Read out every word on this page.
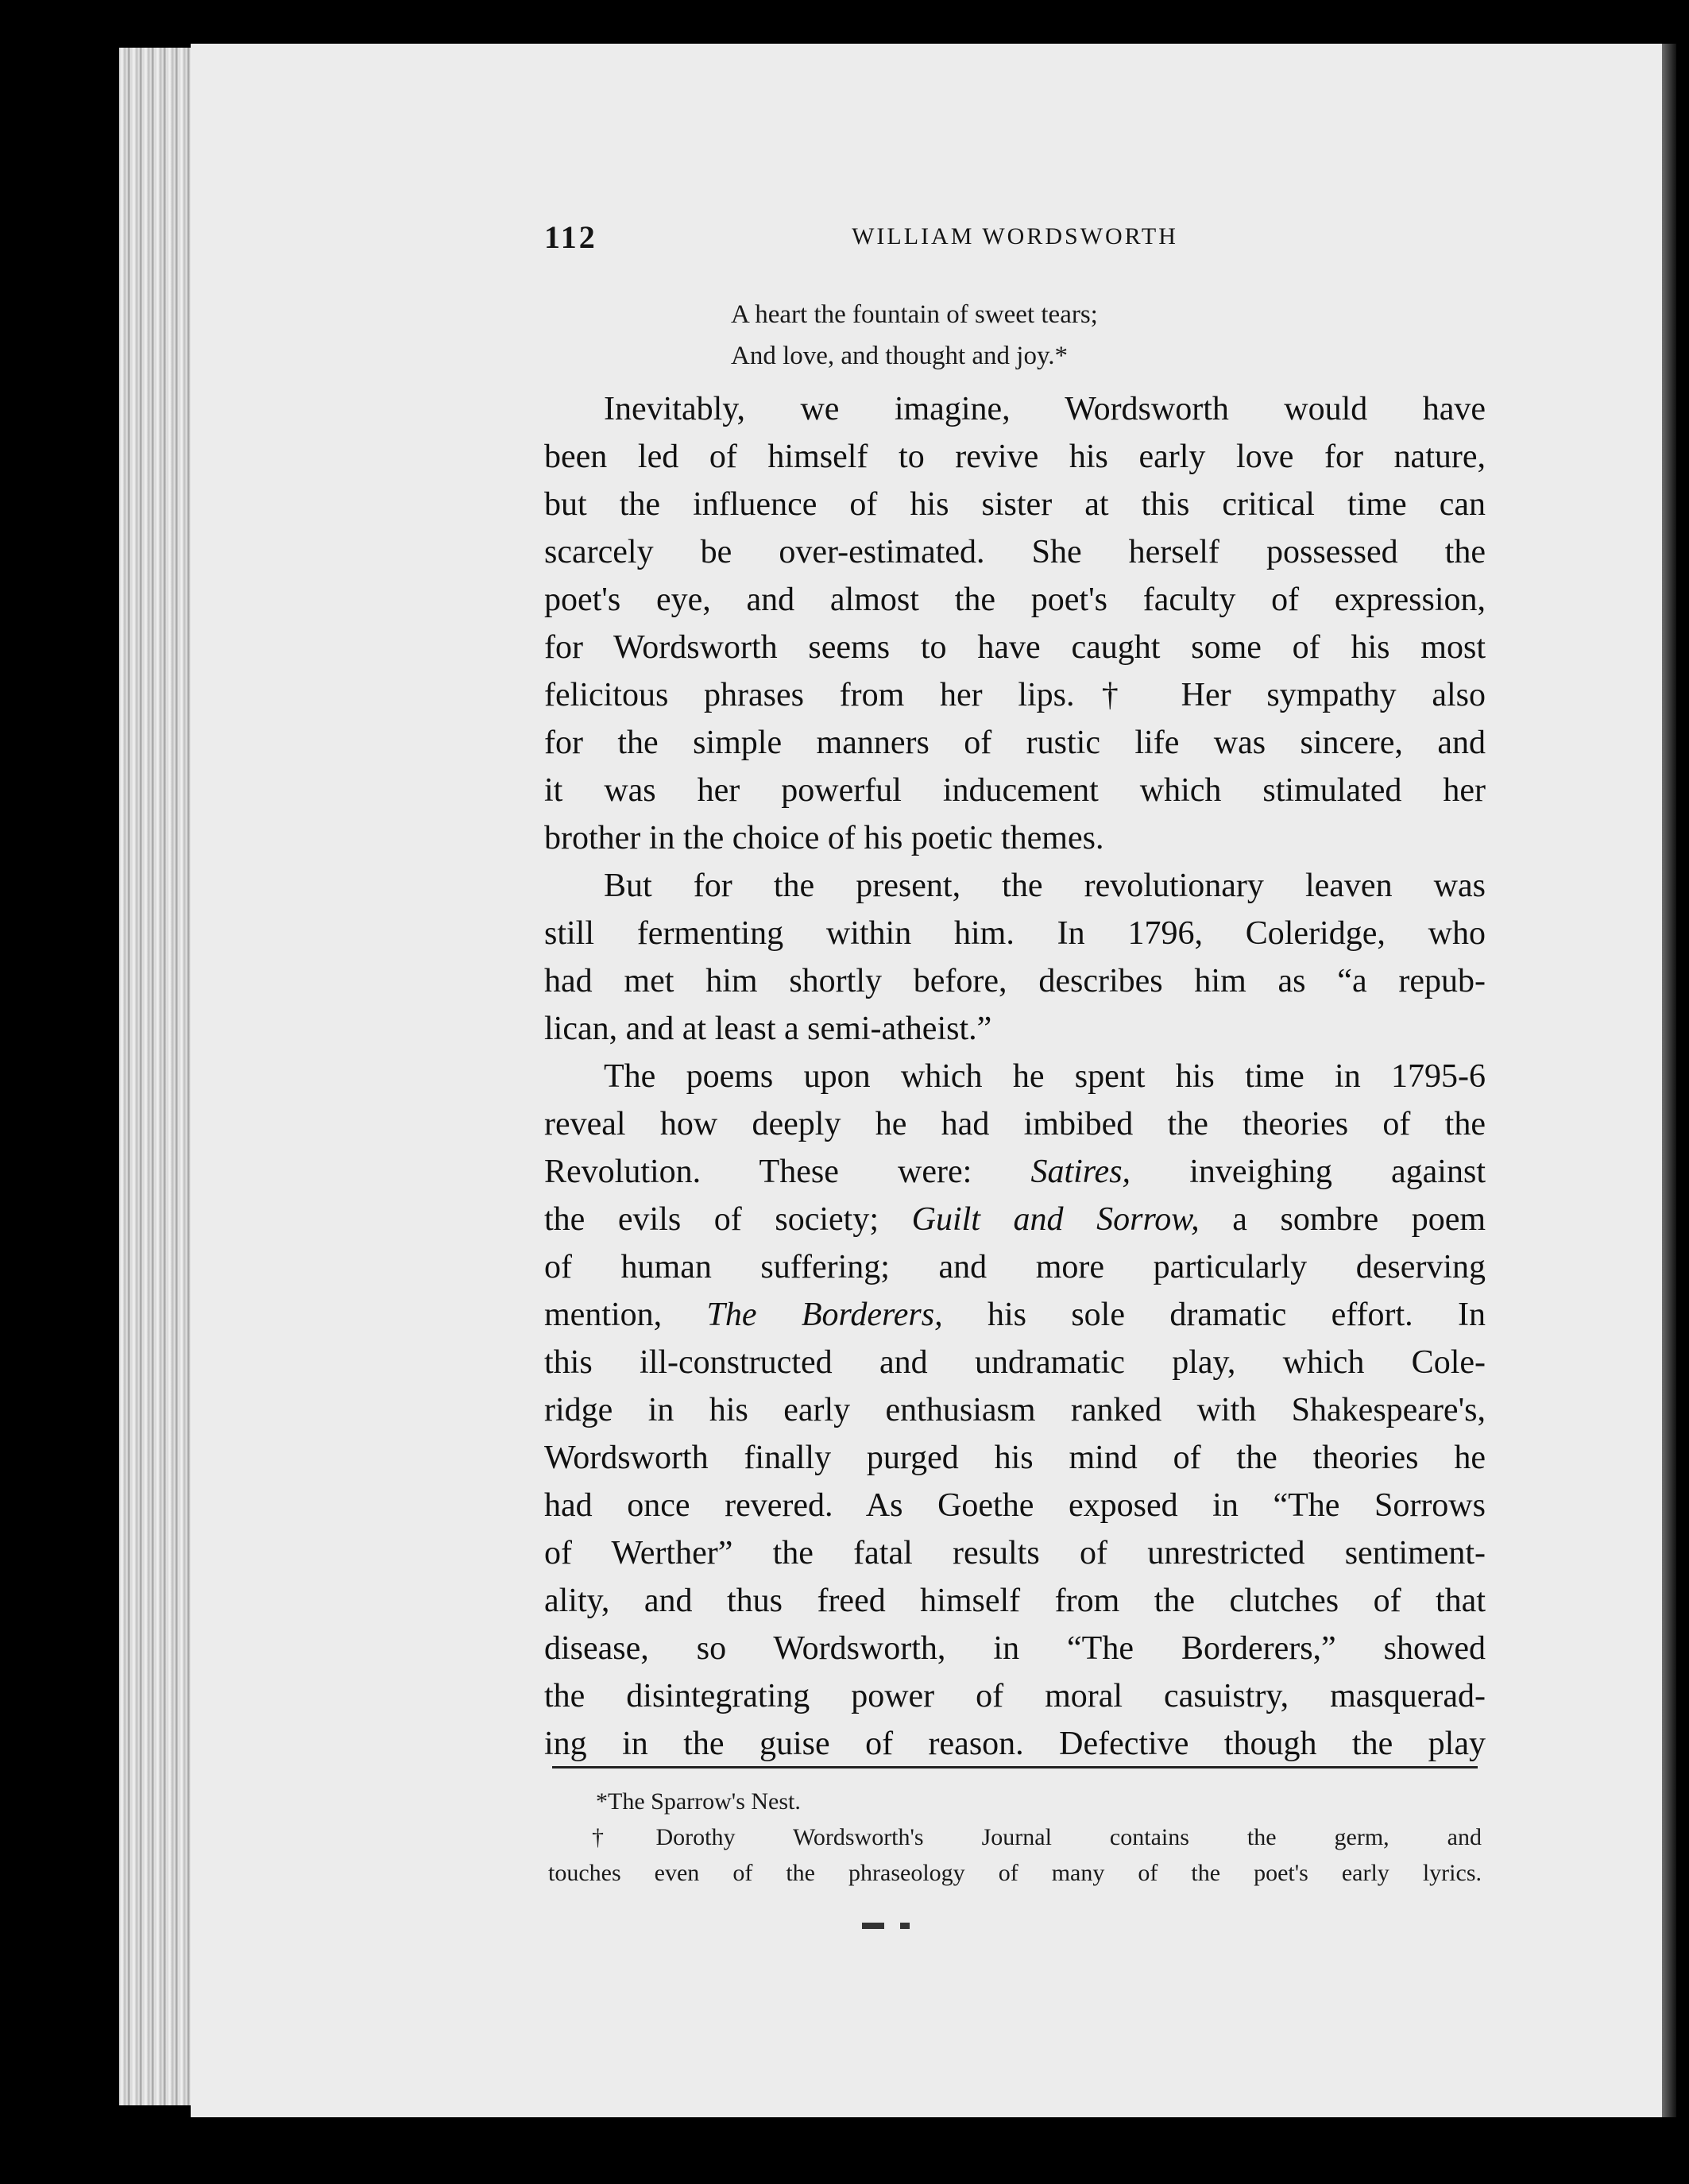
112	WILLIAM WORDSWORTH
A heart the fountain of sweet tears;
And love, and thought and joy.*
Inevitably, we imagine, Wordsworth would have
been led of himself to revive his early love for nature,
but the influence of his sister at this critical time can
scarcely be over-estimated. She herself possessed the
poet's eye, and almost the poet's faculty of expression,
for Wordsworth seems to have caught some of his most
felicitous phrases from her lips.† Her sympathy also
for the simple manners of rustic life was sincere, and
it was her powerful inducement which stimulated her
brother in the choice of his poetic themes.
But for the present, the revolutionary leaven was
still fermenting within him. In 1796, Coleridge, who
had met him shortly before, describes him as “a repub-
lican, and at least a semi-atheist.”
The poems upon which he spent his time in 1795-6
reveal how deeply he had imbibed the theories of the
Revolution. These were: Satires, inveighing against
the evils of society; Guilt and Sorrow, a sombre poem
of human suffering; and more particularly deserving
mention, The Borderers, his sole dramatic effort. In
this ill-constructed and undramatic play, which Cole-
ridge in his early enthusiasm ranked with Shakespeare's,
Wordsworth finally purged his mind of the theories he
had once revered. As Goethe exposed in “The Sorrows
of Werther” the fatal results of unrestricted sentiment-
ality, and thus freed himself from the clutches of that
disease, so Wordsworth, in “The Borderers,” showed
the disintegrating power of moral casuistry, masquerad-
ing in the guise of reason. Defective though the play
*The Sparrow's Nest.
†Dorothy Wordsworth's Journal contains the germ, and
touches even of the phraseology of many of the poet's early lyrics.
